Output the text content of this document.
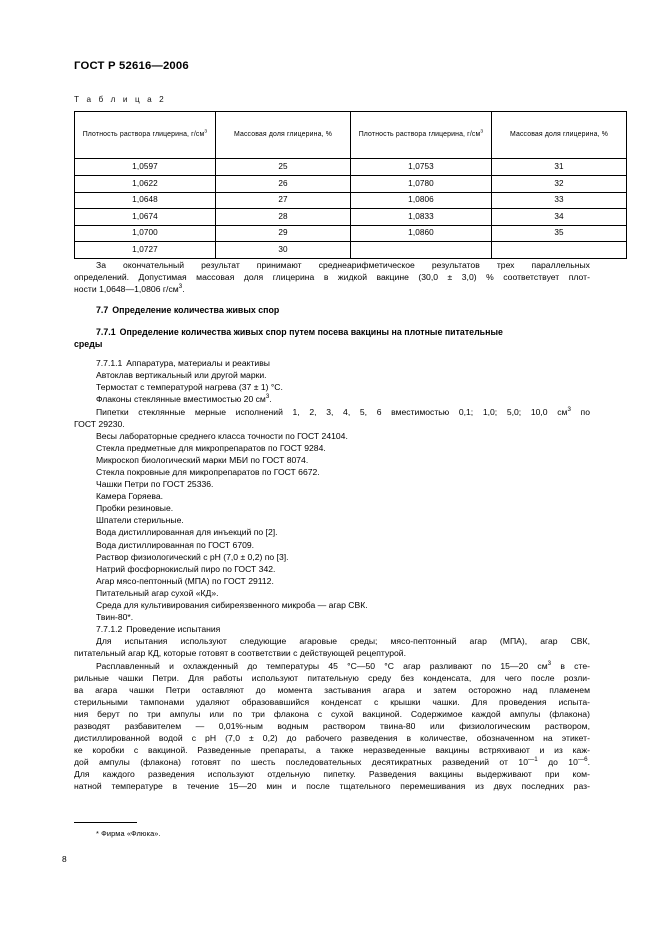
ГОСТ Р 52616—2006
Т а б л и ц а 2
Плотность раствора глицерина, $г/см^3$	Массовая доля глицерина, %	Плотность раствора глицерина, $г/см^3$	Массовая доля глицерина, %
1,0597	25	1,0753	31
1,0622	26	1,0780	32
1,0648	27	1,0806	33
1,0674	28	1,0833	34
1,0700	29	1,0860	35
1,0727	30		
За окончательный результат принимают среднеарифметическое результатов трех параллельных
определений. Допустимая массовая доля глицерина в жидкой вакцине (30,0 ± 3,0) % соответствует плот-
ности 1,0648—1,0806 $г/см^3$.
7.7 Определение количества живых спор
7.7.1 Определение количества живых спор путем посева вакцины на плотные питательные
среды
7.7.1.1 Аппаратура, материалы и реактивы
Автоклав вертикальный или другой марки.
Термостат с температурой нагрева (37 ± 1) °С.
Флаконы стеклянные вместимостью 20 $см^3$.
Пипетки стеклянные мерные исполнений 1, 2, 3, 4, 5, 6 вместимостью 0,1; 1,0; 5,0; 10,0 $см^3$ по
ГОСТ 29230.
Весы лабораторные среднего класса точности по ГОСТ 24104.
Стекла предметные для микропрепаратов по ГОСТ 9284.
Микроскоп биологический марки МБИ по ГОСТ 8074.
Стекла покровные для микропрепаратов по ГОСТ 6672.
Чашки Петри по ГОСТ 25336.
Камера Горяева.
Пробки резиновые.
Шпатели стерильные.
Вода дистиллированная для инъекций по [2].
Вода дистиллированная по ГОСТ 6709.
Раствор физиологический с рН (7,0 ± 0,2) по [3].
Натрий фосфорнокислый пиро по ГОСТ 342.
Агар мясо-пептонный (МПА) по ГОСТ 29112.
Питательный агар сухой «КД».
Среда для культивирования сибиреязвенного микроба — агар СВК.
Твин-80*.
7.7.1.2 Проведение испытания
Для испытания используют следующие агаровые среды; мясо-пептонный агар (МПА), агар СВК,
питательный агар КД, которые готовят в соответствии с действующей рецептурой.
Расплавленный и охлажденный до температуры 45 °С—50 °С агар разливают по 15—20 $см^3$ в сте-
рильные чашки Петри. Для работы используют питательную среду без конденсата, для чего после розли-
ва агара чашки Петри оставляют до момента застывания агара и затем осторожно над пламенем
стерильными тампонами удаляют образовавшийся конденсат с крышки чашки. Для проведения испыта-
ния берут по три ампулы или по три флакона с сухой вакциной. Содержимое каждой ампулы (флакона)
разводят разбавителем — 0,01%-ным водным раствором твина-80 или физиологическим раствором,
дистиллированной водой с рН (7,0 ± 0,2) до рабочего разведения в количестве, обозначенном на этикет-
ке коробки с вакциной. Разведенные препараты, а также неразведенные вакцины встряхивают и из каж-
дой ампулы (флакона) готовят по шесть последовательных десятикратных разведений от $10^{—1}$ до $10^{—6}$.
Для каждого разведения используют отдельную пипетку. Разведения вакцины выдерживают при ком-
натной температуре в течение 15—20 мин и после тщательного перемешивания из двух последних раз-
* Фирма «Флюка».
8
